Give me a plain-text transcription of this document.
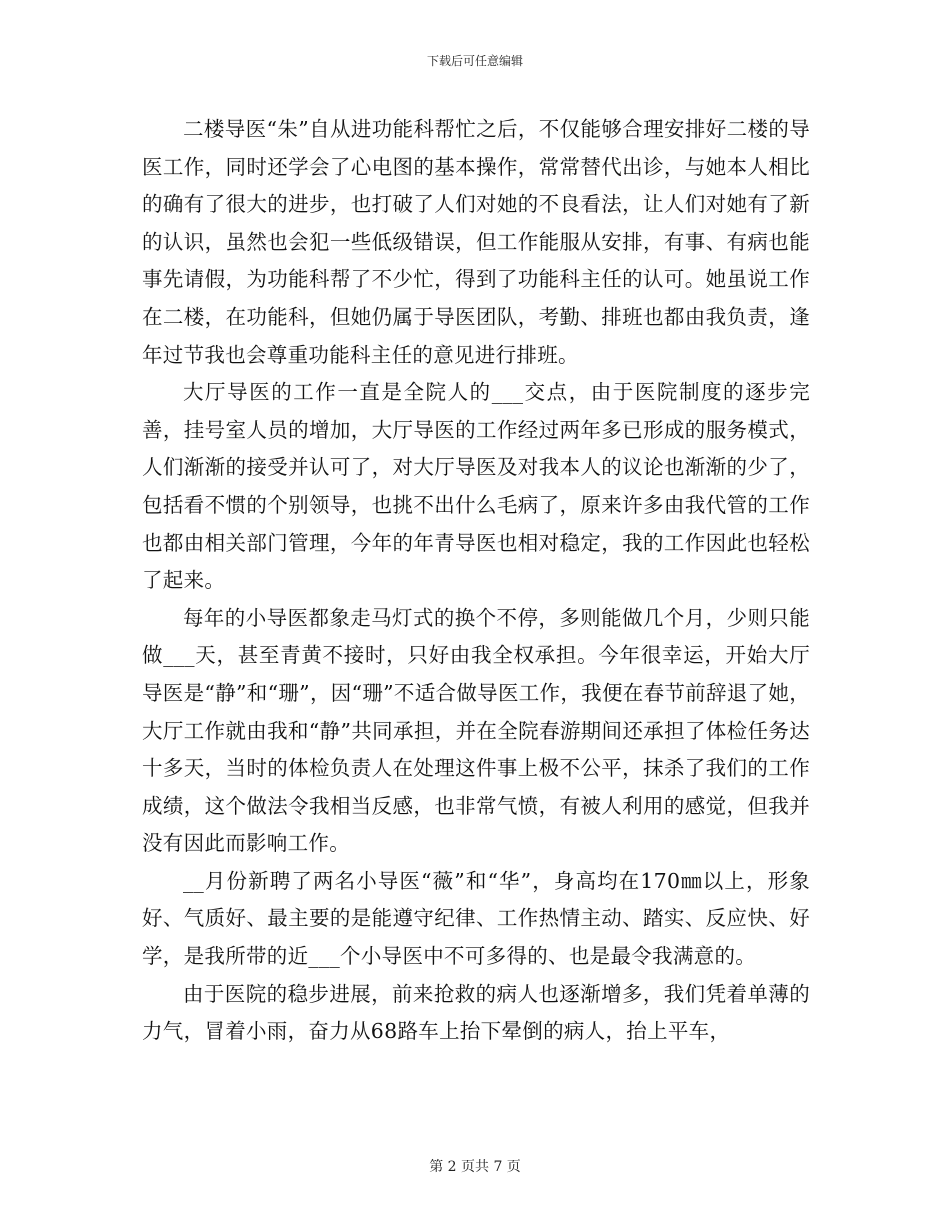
下载后可任意编辑

二楼导医“朱”自从进功能科帮忙之后，不仅能够合理安排好二楼的导医工作，同时还学会了心电图的基本操作，常常替代出诊，与她本人相比的确有了很大的进步，也打破了人们对她的不良看法，让人们对她有了新的认识，虽然也会犯一些低级错误，但工作能服从安排，有事、有病也能事先请假，为功能科帮了不少忙，得到了功能科主任的认可。她虽说工作在二楼，在功能科，但她仍属于导医团队，考勤、排班也都由我负责，逢年过节我也会尊重功能科主任的意见进行排班。

大厅导医的工作一直是全院人的___交点，由于医院制度的逐步完善，挂号室人员的增加，大厅导医的工作经过两年多已形成的服务模式，人们渐渐的接受并认可了，对大厅导医及对我本人的议论也渐渐的少了，包括看不惯的个别领导，也挑不出什么毛病了，原来许多由我代管的工作也都由相关部门管理，今年的年青导医也相对稳定，我的工作因此也轻松了起来。

每年的小导医都象走马灯式的换个不停，多则能做几个月，少则只能做___天，甚至青黄不接时，只好由我全权承担。今年很幸运，开始大厅导医是“静”和“珊”，因“珊”不适合做导医工作，我便在春节前辞退了她，大厅工作就由我和“静”共同承担，并在全院春游期间还承担了体检任务达十多天，当时的体检负责人在处理这件事上极不公平，抹杀了我们的工作成绩，这个做法令我相当反感，也非常气愤，有被人利用的感觉，但我并没有因此而影响工作。

__月份新聘了两名小导医“薇”和“华”，身高均在170㎜以上，形象好、气质好、最主要的是能遵守纪律、工作热情主动、踏实、反应快、好学，是我所带的近___个小导医中不可多得的、也是最令我满意的。

由于医院的稳步进展，前来抢救的病人也逐渐增多，我们凭着单薄的力气，冒着小雨，奋力从68路车上抬下晕倒的病人，抬上平车，

第 2 页共 7 页
